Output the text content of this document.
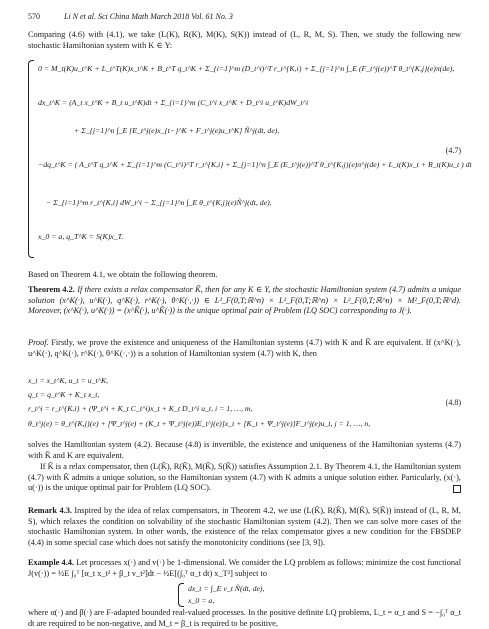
570	Li N et al. Sci China Math March 2018 Vol. 61 No. 3
Comparing (4.6) with (4.1), we take (L(K), R(K), M(K), S(K)) instead of (L, R, M, S). Then, we study the following new stochastic Hamiltonian system with K ∈ Υ:
0 = M_t(K)u_t^K + L_t^T(K)x_t^K + B_t^T q_t^K + Σ_{i=1}^m (D_t^i)^T r_t^{K,i} + Σ_{j=1}^n ∫_E (F_t^j(e))^T θ_t^{K,j}(e)π(de),
dx_t^K = (A_t x_t^K + B_t u_t^K)dt + Σ_{i=1}^m (C_t^i x_t^K + D_t^i u_t^K)dW_t^i
+ Σ_{j=1}^n ∫_E [E_t^j(e)x_{t−}^K + F_t^j(e)u_t^K] Ñ^j(dt, de),
−dq_t^K = ( A_t^T q_t^K + Σ_{i=1}^m (C_t^i)^T r_t^{K,i} + Σ_{j=1}^n ∫_E (E_t^j(e))^T θ_t^{K,j}(e)π^j(de) + L_t(K)x_t + R_t(K)u_t ) dt
− Σ_{i=1}^m r_t^{K,i} dW_t^i − Σ_{j=1}^n ∫_E θ_t^{K,j}(e)Ñ^j(dt, de),
x_0 = a, q_T^K = S(K)x_T.
(4.7)
Based on Theorem 4.1, we obtain the following theorem.
Theorem 4.2. If there exists a relax compensator K̃, then for any K ∈ Υ, the stochastic Hamiltonian system (4.7) admits a unique solution (x^K(·), u^K(·), q^K(·), r^K(·), θ^K(·,·)) ∈ L²_F(0,T;ℝ^n) × L²_F(0,T;ℝ^n) × L²_F(0,T;ℝ^n) × M²_F(0,T;ℝ^d). Moreover, (x^K(·), u^K(·)) = (x^K̃(·), u^K̃(·)) is the unique optimal pair of Problem (LQ SOC) corresponding to J(·).
Proof. Firstly, we prove the existence and uniqueness of the Hamiltonian systems (4.7) with K and K̃ are equivalent. If (x^K(·), u^K(·), q^K(·), r^K(·), θ^K(·,·)) is a solution of Hamiltonian system (4.7) with K, then
x_t = x_t^K, u_t = u_t^K,
q_t = q_t^K + K_t x_t,
r_t^i = r_t^{K,i} + (Ψ_t^i + K_t C_t^i)x_t + K_t D_t^i u_t, i = 1, …, m,
θ_t^j(e) = θ_t^{K,j}(e) + [Ψ_t^j(e) + (K_t + Ψ_t^j(e))E_t^j(e)]x_t + [K_t + Ψ_t^j(e)]F_t^j(e)u_t, j = 1, …, n,
(4.8)
solves the Hamiltonian system (4.2). Because (4.8) is invertible, the existence and uniqueness of the Hamiltonian systems (4.7) with K̃ and K are equivalent.
If K̃ is a relax compensator, then (L(K̃), R(K̃), M(K̃), S(K̃)) satisfies Assumption 2.1. By Theorem 4.1, the Hamiltonian system (4.7) with K̃ admits a unique solution, so the Hamiltonian system (4.7) with K admits a unique solution either. Particularly, (x(·), u(·)) is the unique optimal pair for Problem (LQ SOC).
Remark 4.3. Inspired by the idea of relax compensators, in Theorem 4.2, we use (L(K̃), R(K̃), M(K̃), S(K̃)) instead of (L, R, M, S), which relaxes the condition on solvability of the stochastic Hamiltonian system (4.2). Then we can solve more cases of the stochastic Hamiltonian system. In other words, the existence of the relax compensator gives a new condition for the FBSDEP (4.4) in some special case which does not satisfy the monotonicity conditions (see [3, 9]).
Example 4.4. Let processes x(·) and v(·) be 1-dimensional. We consider the LQ problem as follows: minimize the cost functional J(v(·)) = ½E ∫₀ᵀ [α_t x_t² + β_t v_t²]dt − ½E[(∫₀ᵀ α_t dt) x_T²] subject to
dx_t = ∫_E v_t Ñ(dt, de),
x_0 = a,
where α(·) and β(·) are F-adapted bounded real-valued processes. In the positive definite LQ problems, L_t = α_t and S = −∫₀ᵀ α_t dt are required to be non-negative, and M_t = β_t is required to be positive,
